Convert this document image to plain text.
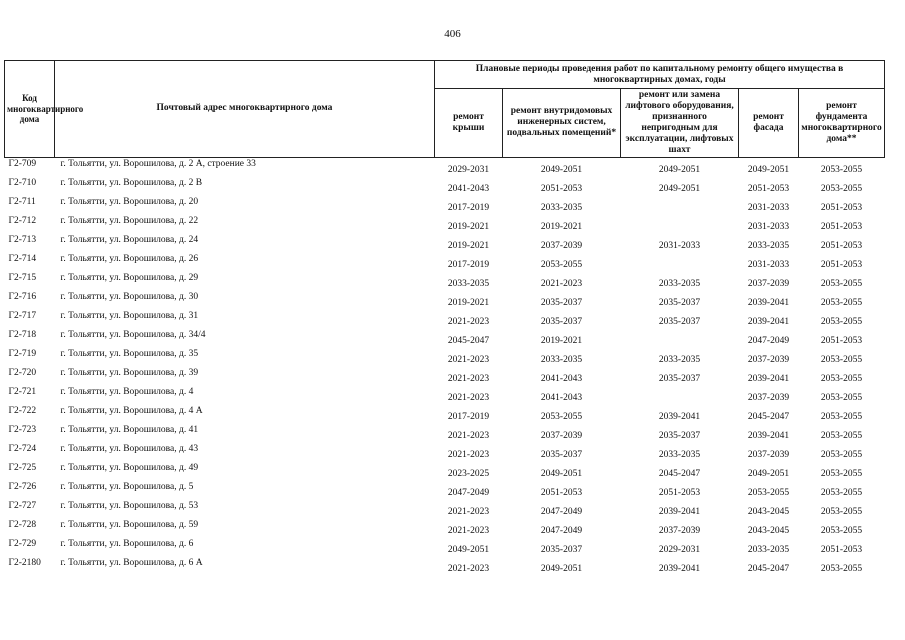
406
Код многоквартирного дома	Почтовый адрес многоквартирного дома	Плановые периоды проведения работ по капитальному ремонту общего имущества в многоквартирных домах, годы				
		ремонт крыши	ремонт внутридомовых инженерных систем, подвальных помещений*	ремонт или замена лифтового оборудования, признанного непригодным для эксплуатации, лифтовых шахт	ремонт фасада	ремонт фундамента многоквартирного дома**
Г2-709	г. Тольятти, ул. Ворошилова, д. 2 А, строение 33	2029-2031	2049-2051	2049-2051	2049-2051	2053-2055
Г2-710	г. Тольятти, ул. Ворошилова, д. 2 В	2041-2043	2051-2053	2049-2051	2051-2053	2053-2055
Г2-711	г. Тольятти, ул. Ворошилова, д. 20	2017-2019	2033-2035		2031-2033	2051-2053
Г2-712	г. Тольятти, ул. Ворошилова, д. 22	2019-2021	2019-2021		2031-2033	2051-2053
Г2-713	г. Тольятти, ул. Ворошилова, д. 24	2019-2021	2037-2039	2031-2033	2033-2035	2051-2053
Г2-714	г. Тольятти, ул. Ворошилова, д. 26	2017-2019	2053-2055		2031-2033	2051-2053
Г2-715	г. Тольятти, ул. Ворошилова, д. 29	2033-2035	2021-2023	2033-2035	2037-2039	2053-2055
Г2-716	г. Тольятти, ул. Ворошилова, д. 30	2019-2021	2035-2037	2035-2037	2039-2041	2053-2055
Г2-717	г. Тольятти, ул. Ворошилова, д. 31	2021-2023	2035-2037	2035-2037	2039-2041	2053-2055
Г2-718	г. Тольятти, ул. Ворошилова, д. 34/4	2045-2047	2019-2021		2047-2049	2051-2053
Г2-719	г. Тольятти, ул. Ворошилова, д. 35	2021-2023	2033-2035	2033-2035	2037-2039	2053-2055
Г2-720	г. Тольятти, ул. Ворошилова, д. 39	2021-2023	2041-2043	2035-2037	2039-2041	2053-2055
Г2-721	г. Тольятти, ул. Ворошилова, д. 4	2021-2023	2041-2043		2037-2039	2053-2055
Г2-722	г. Тольятти, ул. Ворошилова, д. 4 А	2017-2019	2053-2055	2039-2041	2045-2047	2053-2055
Г2-723	г. Тольятти, ул. Ворошилова, д. 41	2021-2023	2037-2039	2035-2037	2039-2041	2053-2055
Г2-724	г. Тольятти, ул. Ворошилова, д. 43	2021-2023	2035-2037	2033-2035	2037-2039	2053-2055
Г2-725	г. Тольятти, ул. Ворошилова, д. 49	2023-2025	2049-2051	2045-2047	2049-2051	2053-2055
Г2-726	г. Тольятти, ул. Ворошилова, д. 5	2047-2049	2051-2053	2051-2053	2053-2055	2053-2055
Г2-727	г. Тольятти, ул. Ворошилова, д. 53	2021-2023	2047-2049	2039-2041	2043-2045	2053-2055
Г2-728	г. Тольятти, ул. Ворошилова, д. 59	2021-2023	2047-2049	2037-2039	2043-2045	2053-2055
Г2-729	г. Тольятти, ул. Ворошилова, д. 6	2049-2051	2035-2037	2029-2031	2033-2035	2051-2053
Г2-2180	г. Тольятти, ул. Ворошилова, д. 6 А	2021-2023	2049-2051	2039-2041	2045-2047	2053-2055
